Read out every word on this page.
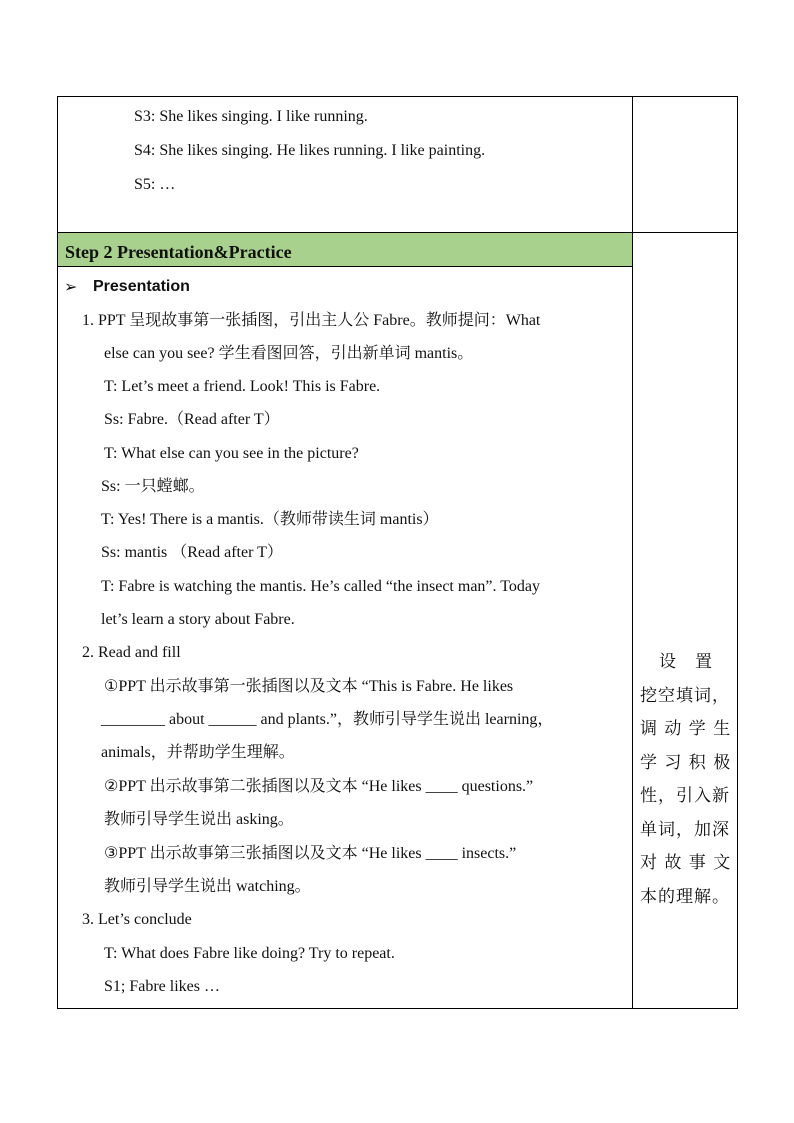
S3: She likes singing. I like running.
S4: She likes singing. He likes running. I like painting.
S5: …
Step 2 Presentation&Practice
➢ Presentation
1. PPT 呈现故事第一张插图，引出主人公 Fabre。教师提问：What
else can you see? 学生看图回答，引出新单词 mantis。
T: Let’s meet a friend. Look! This is Fabre.
Ss: Fabre.（Read after T）
T: What else can you see in the picture?
Ss: 一只螳螂。
T: Yes! There is a mantis.（教师带读生词 mantis）
Ss: mantis （Read after T）
T: Fabre is watching the mantis. He’s called “the insect man”. Today
let’s learn a story about Fabre.
2. Read and fill
①PPT 出示故事第一张插图以及文本 “This is Fabre. He likes
________ about ______ and plants.”，教师引导学生说出 learning，
animals，并帮助学生理解。
②PPT 出示故事第二张插图以及文本 “He likes ____ questions.”
教师引导学生说出 asking。
③PPT 出示故事第三张插图以及文本 “He likes ____ insects.”
教师引导学生说出 watching。
3. Let’s conclude
T: What does Fabre like doing? Try to repeat.
S1; Fabre likes …
设　置
挖空填词，
调 动 学 生
学 习 积 极
性，引入新
单词，加深
对 故 事 文
本的理解。
